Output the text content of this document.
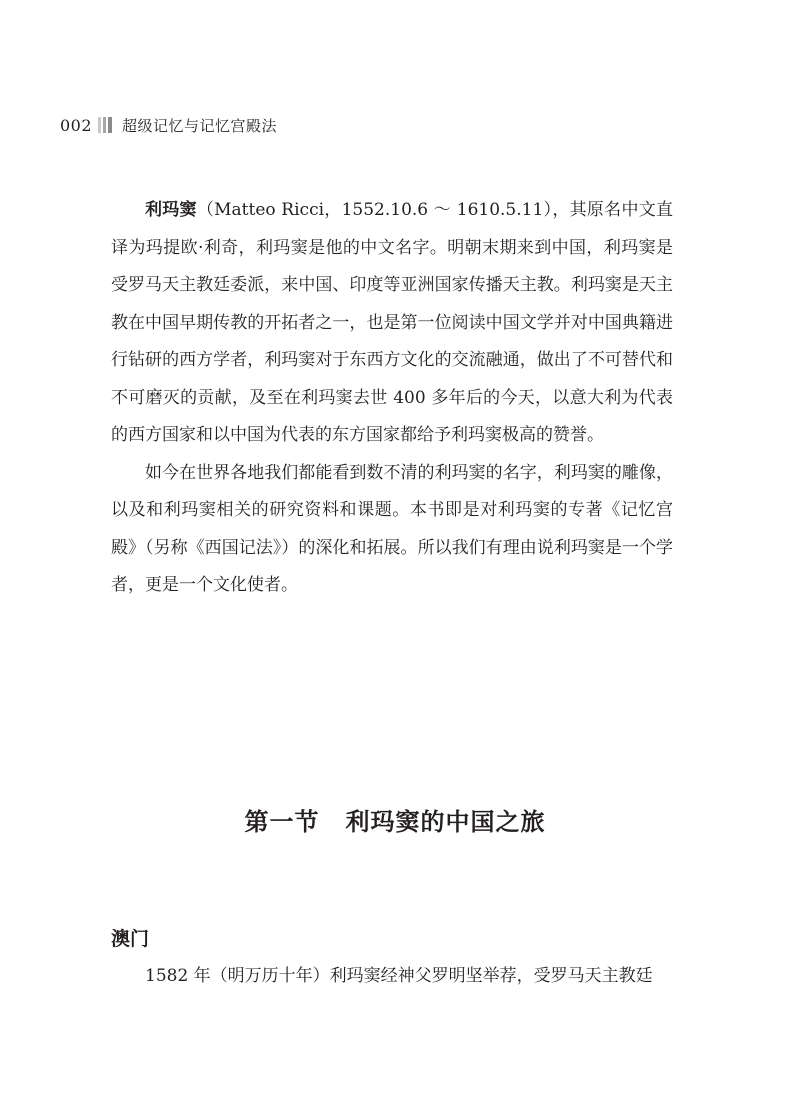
002 超级记忆与记忆宫殿法

利玛窦（Matteo Ricci，1552.10.6 ～ 1610.5.11），其原名中文直译为玛提欧·利奇，利玛窦是他的中文名字。明朝末期来到中国，利玛窦是受罗马天主教廷委派，来中国、印度等亚洲国家传播天主教。利玛窦是天主教在中国早期传教的开拓者之一，也是第一位阅读中国文学并对中国典籍进行钻研的西方学者，利玛窦对于东西方文化的交流融通，做出了不可替代和不可磨灭的贡献，及至在利玛窦去世 400 多年后的今天，以意大利为代表的西方国家和以中国为代表的东方国家都给予利玛窦极高的赞誉。

如今在世界各地我们都能看到数不清的利玛窦的名字，利玛窦的雕像，以及和利玛窦相关的研究资料和课题。本书即是对利玛窦的专著《记忆宫殿》（另称《西国记法》）的深化和拓展。所以我们有理由说利玛窦是一个学者，更是一个文化使者。

第一节 利玛窦的中国之旅
澳门
1582 年（明万历十年）利玛窦经神父罗明坚举荐，受罗马天主教廷
